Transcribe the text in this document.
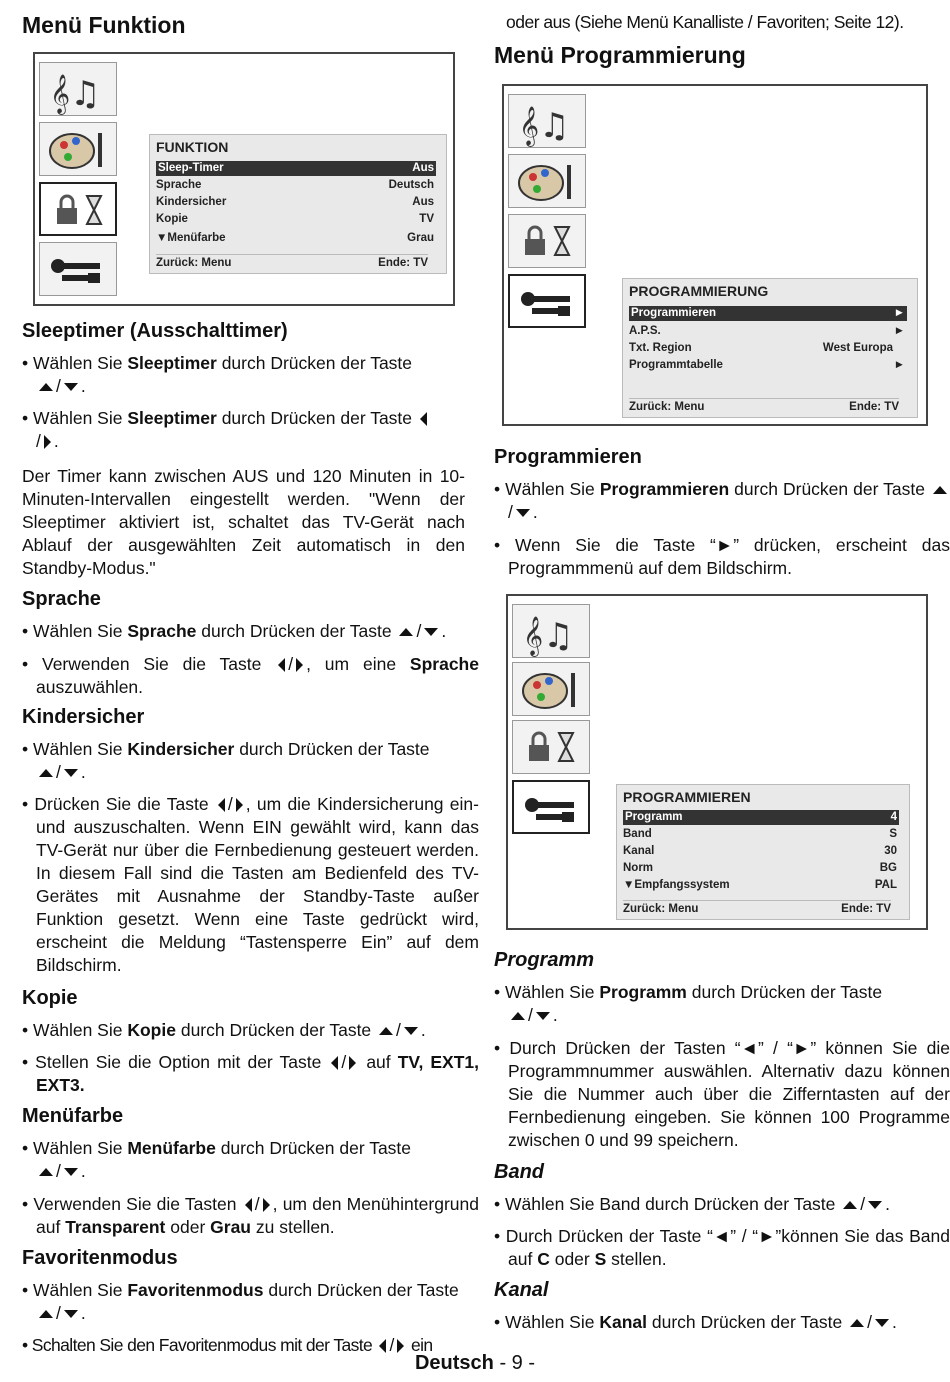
Menü Funktion
𝄞♫
FUNKTION
Sleep-Timer	Aus
Sprache	Deutsch
Kindersicher	Aus
Kopie	TV
▼Menüfarbe	Grau
Zurück: Menu	Ende: TV
Sleeptimer (Ausschalttimer)
• Wählen Sie Sleeptimer durch Drücken der Taste
/ .
• Wählen Sie Sleeptimer durch Drücken der Taste
/ .
Der Timer kann zwischen AUS und 120 Minuten in 10-Minuten-Intervallen eingestellt werden. "Wenn der Sleeptimer aktiviert ist, schaltet das TV-Gerät nach Ablauf der ausgewählten Zeit automatisch in den Standby-Modus."
Sprache
• Wählen Sie Sprache durch Drücken der Taste / .
• Verwenden Sie die Taste / , um eine Sprache auszuwählen.
Kindersicher
• Wählen Sie Kindersicher durch Drücken der Taste
/ .
• Drücken Sie die Taste / , um die Kindersicherung ein- und auszuschalten. Wenn EIN gewählt wird, kann das TV-Gerät nur über die Fernbedienung gesteuert werden. In diesem Fall sind die Tasten am Bedienfeld des TV-Gerätes mit Ausnahme der Standby-Taste außer Funktion gesetzt. Wenn eine Taste gedrückt wird, erscheint die Meldung “Tastensperre Ein” auf dem Bildschirm.
Kopie
• Wählen Sie Kopie durch Drücken der Taste / .
• Stellen Sie die Option mit der Taste / auf TV, EXT1, EXT3.
Menüfarbe
• Wählen Sie Menüfarbe durch Drücken der Taste
/ .
• Verwenden Sie die Tasten / , um den Menühintergrund auf Transparent oder Grau zu stellen.
Favoritenmodus
• Wählen Sie Favoritenmodus durch Drücken der Taste
/ .
• Schalten Sie den Favoritenmodus mit der Taste / ein
oder aus (Siehe Menü Kanalliste / Favoriten; Seite 12).
Menü Programmierung
𝄞♫
PROGRAMMIERUNG
Programmieren	►
A.P.S.	►
Txt. Region	West Europa
Programmtabelle	►
Zurück: Menu	Ende: TV
Programmieren
• Wählen Sie Programmieren durch Drücken der Taste / .
• Wenn Sie die Taste “►” drücken, erscheint das Programmmenü auf dem Bildschirm.
𝄞♫
PROGRAMMIEREN
Programm	4
Band	S
Kanal	30
Norm	BG
▼Empfangssystem	PAL
Zurück: Menu	Ende: TV
Programm
• Wählen Sie Programm durch Drücken der Taste
/ .
• Durch Drücken der Tasten “◄” / “►” können Sie die Programmnummer auswählen. Alternativ dazu können Sie die Nummer auch über die Zifferntasten auf der Fernbedienung eingeben. Sie können 100 Programme zwischen 0 und 99 speichern.
Band
• Wählen Sie Band durch Drücken der Taste / .
• Durch Drücken der Taste “◄” / “►”können Sie das Band auf C oder S stellen.
Kanal
• Wählen Sie Kanal durch Drücken der Taste / .
Deutsch - 9 -
